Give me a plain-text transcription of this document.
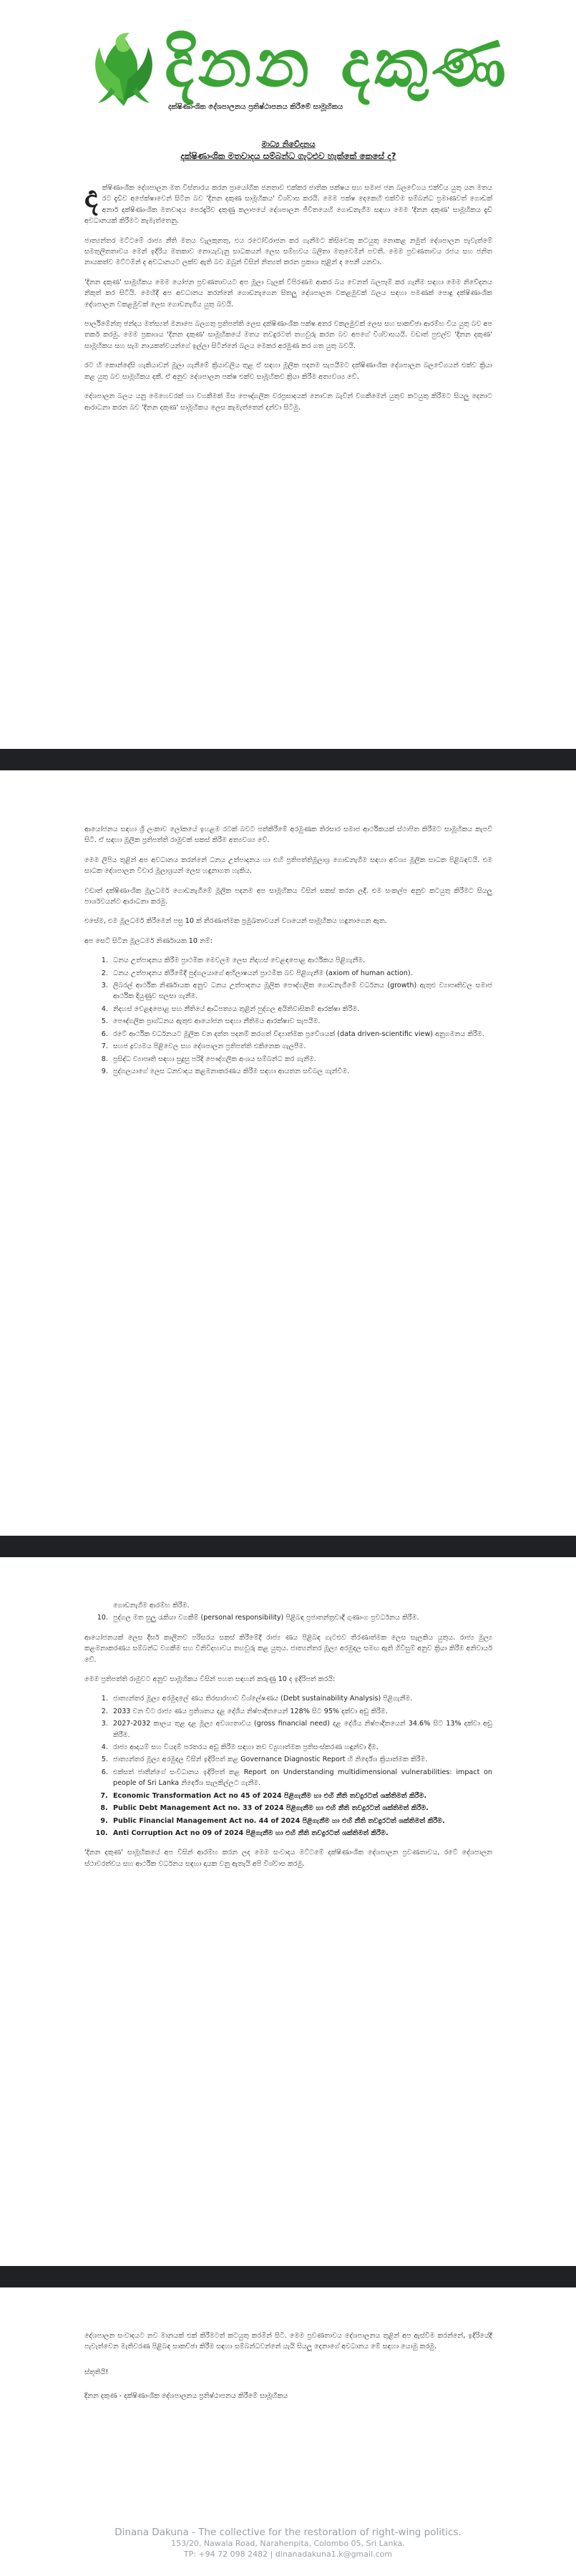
දිනන දකුණ
දක්ෂිණාංශික දේශපාලනය ප්‍රතිෂ්ඨාපනය කිරීමේ සාමූහිකය
මාධ්‍ය නිවේදනය
දක්ෂිණාංශික මතවාදය සම්බන්ධ ගැටළුව හැක්කේ කෙසේ ද?

ද ක්ෂිණාංශික දේශපාලන මත විස්තාරය කරන ප්‍රායෝගික ජනතාව එක්කර ජාතික පක්ෂය සහ සමාජ ජන බලවේගය එක්විය යුතු යන මතය රට දැඩිව අපේක්ෂාවෙන් සිටින බව 'දිනන දකුණ සාමූහිකය' විශ්වාස කරයි. මෙම පක්ෂ දෙකෙහි එක්වීම සම්බන්ධ ප්‍රමාණවත් ගොඩක් අනාර් දක්ෂිණාංශික මතවාදය පෙරදැරිව දකුණු කලාපයේ දේශපාලන ජීවිතයෙහි ගොඩනැගීම සඳහා මෙම 'දිනන දකුණ' සාමූහිකය දැඩි අවධානයක් කිරීමට කැමැත්තෙනු.

ජාත්‍යන්තර මට්ටමේ රාජ්‍ය නීති මතය වැලකුනතු, එය රටෝවිරාජන කර ගැනීමට කිසිවෙකු කටයුතු නොකළ නමුත් දේශපාලන පැවැත්මේ සමතුලිතතාවය මෙන් ඉදිරිය මතකාව නොයැවැනු සාධකයන් ලෙස සම්භවය බලිතා මතුවෙමින් පවතී. මෙම ප්‍රවණතාවය රජය සහ ජනිත නායකත්ව මට්ටමින් ද අවධානයට ලක්ව ඇති බව ඔබුන් විසින් නිත්‍යත් කරන ප්‍රකාශ තුළින් ද පෙනී යනවා.

'දිනන දකුණ' සාමූහිකය මෙම යෝජන ප්‍රවණතාවයට අප මූලා වැලක් විපිරණම ආකර බය වෙනත් බලපෑම් කර ගැනීම සඳහා මෙම නිවේදනය නිකුත් කර සිටියි. මෙහිදී අප අවධානය කරන්නේ ගොඩනැගෙන සිතලු දේශපාලන වකළමුවක් බලය සඳහා පමණක් පොදු දක්ෂිණාංශික දේශපාලන වකළමුවක් ලෙස ගොඩනැගිය යුතු බවයි.

පාර්ලිමේන්තු ඡන්දය මත්ස්‍යත් මනාපෙ බලගතු ප්‍රතිපත්ති ලෙස දක්ෂිණාංශික පක්ෂ අතර වකලමුවක් ලෙස සහ සාකච්ඡා ආරම්භ විය යුතු බව අප තර්ක කරමු. මෙම ප්‍රකාශය 'දිනන දකුණ' සාමූහිකයේ මතය තවදුරටත් තහවුරු කරන බව අපගේ විශ්වාසයයි. වඩාත් පුළුල්ව 'දිනන දකුණ' සාමූහිකය සහ සැම නායකත්වයන්ගේ ඉල්ලා සිටින්නේ බලය මෙකර අරමුණ කර ගත යුතු බවයි.

රට හි කොන්දේසි හැකියාවන් මූලා ගැනීමේ ක්‍රියාවලිය තුළ ඒ සඳහා මූලික පදනම සැපයීමට දක්ෂිණාංශික දේශපාලන බලවේගයන් එක්ව ක්‍රියා කළ යුතු බව සාමූහිකය දකී. ඒ අනුව දේශපාලන පක්ෂ එක්ව සාමූහිකව ක්‍රියා කිරීම අත්‍යවශ්‍ය වේ.

දේශපාලන බලය යනු මෙහෙවරක් හා වගකීමක් මිස පෞද්ගලික වරප්‍රසාදයක් නොවන බැවින් වගකීමෙන් යුතුව කටයුතු කිරීමට සියලු දෙනාට ආරාධනා කරන බව 'දිනන දකුණ' සාමූහිකය ලෙස කැමැත්තෙන් දන්වා සිටිමු.

ආයෝජනය සඳහා ශ්‍රී ලංකාව ලෝකයේ ඉහළම රටක් බවට පත්කිරීමේ අරමුණක තිරසාර සමාජ ආර්ථිකයක් ස්ථාපිත කිරීමට සාමූහිකය කැපවී සිටී. ඒ සඳහා මූලික ප්‍රතිපත්ති රාමුවක් සකස් කිරීම අත්‍යවශ්‍ය වේ.

මෙම ලිපිය තුළින් අප අවධානය කරන්නේ ධනය උත්පාදනය හා එහි ප්‍රතිපත්තිමූලාශ්‍ර ගොඩනැගීම සඳහා අවශ්‍ය මූලික සාධක පිළිබඳවයි. එම සාධක දේශපාලන විචාර මූලාශ්‍රයන් ලෙස හඳුනාගත හැකිය.

වඩාත් දක්ෂිණාංශික මූලධර්ම ගොඩනැගීමේ මූලික පදනම අප සාමූහිකය විසින් සකස් කරන ලදී. එම සංකල්ප අනුව කටයුතු කිරීමට සියලු පාර්ශවයන්ට ආරාධනා කරමු.

එසේම, එම මූලධර්ම කිරීමෙන් පසු 10 ක් තීරණාත්මක ප්‍රමුඛතාවයන් වශයෙන් සාමූහිකය හඳුනාගෙන ඇත.

අප සෙට් සිටින මූලධර්ම නිර්ණායක 10 නම්:

1. ධනය උත්පාදනය කිරීම ප්‍රාථමික මෙවලම ලෙස නිදහස් වෙළඳපොළ ආර්ථිකය පිළිගැනීම.
2. ධනය උත්පාදනය කිරීමේදී පුද්ගලයාගේ අභිලාෂයන් ප්‍රාථමික බව පිළිගැනීම (axiom of human action).
3. ලිබරල් ආර්ථික නිර්ණායක අනුව ධනය උත්පාදනය මූලික පෞද්ගලික ගොඩනැගීමේ වර්ධනය (growth) ඇතුළු ව්‍යාපෘතිවල සමාජ ආර්ථික දියුණුව සලසා ගැනීම.
4. නිදහස් වෙළඳපොළ සහ නීතියේ ආධිපත්‍යය තුළින් පුද්ගල අයිතිවාසිකම් ආරක්ෂා කිරීම.
5. පෞද්ගලික ප්‍රාග්ධනය ඇතුළු ආයෝජන සඳහා නීතිමය ආරක්ෂාව සැපයීම.
6. රටේ ආර්ථික වර්ධනයට මූලික වන දත්ත පදනම් කරගත් විද්‍යාත්මක ප්‍රවේශයක් (data driven-scientific view) අනුගමනය කිරීම.
7. සහජ ද්‍රව්‍යමය පිළිවෙල සහ දේශපාලන ප්‍රතිපත්ති එකිනෙක ගැලපීම.
8. ප්‍රසිද්ධ ව්‍යාපෘති සඳහා සුදුසු පරිදි පෞද්ගලික අංශය සම්බන්ධ කර ගැනීම.
9. පුද්ගලයාගේ ලෙස ධනවාදය කළමනාකරණය කිරීම සඳහා ආයතන සවිබල ගැන්වීම.

ගොඩනැගීම ආරම්භ කිරීම.

10. පුද්ගල මත සුලු රැකියා වගකීම් (personal responsibility) පිළිබඳ ප්‍රජාතන්ත්‍රවාදී ගුණාංග ප්‍රවර්ධනය කිරීම.

ආයෝජනයක් ලෙස දීර්ඝ කාලීනව පරිසරය සකස් කිරීමේදී රාජ්‍ය ණය පිළිබඳ ගැටළුව තීරණාත්මක ලෙස සැලකිය යුතුය. රාජ්‍ය මුල්‍ය කළමනාකරණය සම්බන්ධ වගකීම සහ විනිවිදභාවය තහවුරු කළ යුතුය. ජාත්‍යන්තර මූල්‍ය අරමුදල සමඟ ඇති ගිවිසුම් අනුව ක්‍රියා කිරීම අනිවාර්ය වේ.

මෙම ප්‍රතිපත්ති රාමුවට අනුව සාමූහිකය විසින් පහත සඳහන් කරුණු 10 ද ඉදිරිපත් කරයි:

1. ජාත්‍යන්තර මූල්‍ය අරමුදලේ ණය තිරසාරභාව විශ්ලේෂණය (Debt sustainability Analysis) පිළිගැනීම.
2. 2033 වන විට රාජ්‍ය ණය ප්‍රතිශතය දළ දේශීය නිෂ්පාදිතයෙන් 128% සිට 95% දක්වා අඩු කිරීම.
3. 2027-2032 කාලය තුළ දළ මූල්‍ය අවශ්‍යතාවය (gross financial need) දළ දේශීය නිෂ්පාදිතයෙන් 34.6% සිට 13% දක්වා අඩු කිරීම.
4. රාජ්‍ය ආදායම් සහ වියදම් පරතරය අඩු කිරීම සඳහා නව ව්‍යුහාත්මක ප්‍රතිසංස්කරණ හඳුන්වා දීම.
5. ජාත්‍යන්තර මූල්‍ය අරමුදල විසින් ඉදිරිපත් කළ Governance Diagnostic Report හි නිර්දේශ ක්‍රියාත්මක කිරීම.
6. එක්සත් ජාතීන්ගේ සංවිධානය ඉදිරිපත් කළ Report on Understanding multidimensional vulnerabilities: impact on people of Sri Lanka නිර්දේශ සැලකිල්ලට ගැනීම.
7. Economic Transformation Act no 45 of 2024 පිළිගැනීම හා එහි නීති තවදුරටත් ශක්තිමත් කිරීම.
8. Public Debt Management Act no. 33 of 2024 පිළිගැනීම හා එහි නීති තවදුරටත් ශක්තිමත් කිරීම.
9. Public Financial Management Act no. 44 of 2024 පිළිගැනීම හා එහි නීති තවදුරටත් ශක්තිමත් කිරීම.
10. Anti Corruption Act no 09 of 2024 පිළිගැනීම හා එහි නීති තවදුරටත් ශක්තිමත් කිරීම.

'දිනන දකුණ' සාමූහිකයේ අප විසින් ආරම්භ කරන ලද මෙම සංවාදය මට්ටමේ දක්ෂිණාංශික දේශපාලන ප්‍රවණතාවය, රටේ දේශපාලන ස්ථාවරත්වය සහ ආර්ථික වර්ධනය සඳහා දායක වනු ඇතැයි අපි විශ්වාස කරමු.

දේශපාලන සංවාදයට නව මානයක් එක් කිරීමටත් කටයුතු කරමින් සිටී. මෙම ප්‍රවණතාවය දේශපාලනය තුළින් අප ඇස්වීම කරන්නේ, ඉදිරියේදී පැවැත්වෙන මැතිවරණ පිළිබඳ සාකච්ඡා කිරීම සඳහා සම්බන්ධවන්නේ යැයි සියලු දෙනාගේ අවධානය මේ සඳහා යොමු කරමු.

ස්තූතියි!

දිනන දකුණ - දක්ෂිණාංශික දේශපාලනය ප්‍රතිෂ්ඨාපනය කිරීමේ සාමූහිකය

Dinana Dakuna - The collective for the restoration of right-wing politics.
153/20, Nawala Road, Narahenpita, Colombo 05, Sri Lanka.
TP: +94 72 098 2482 | dinanadakuna1.k@gmail.com
